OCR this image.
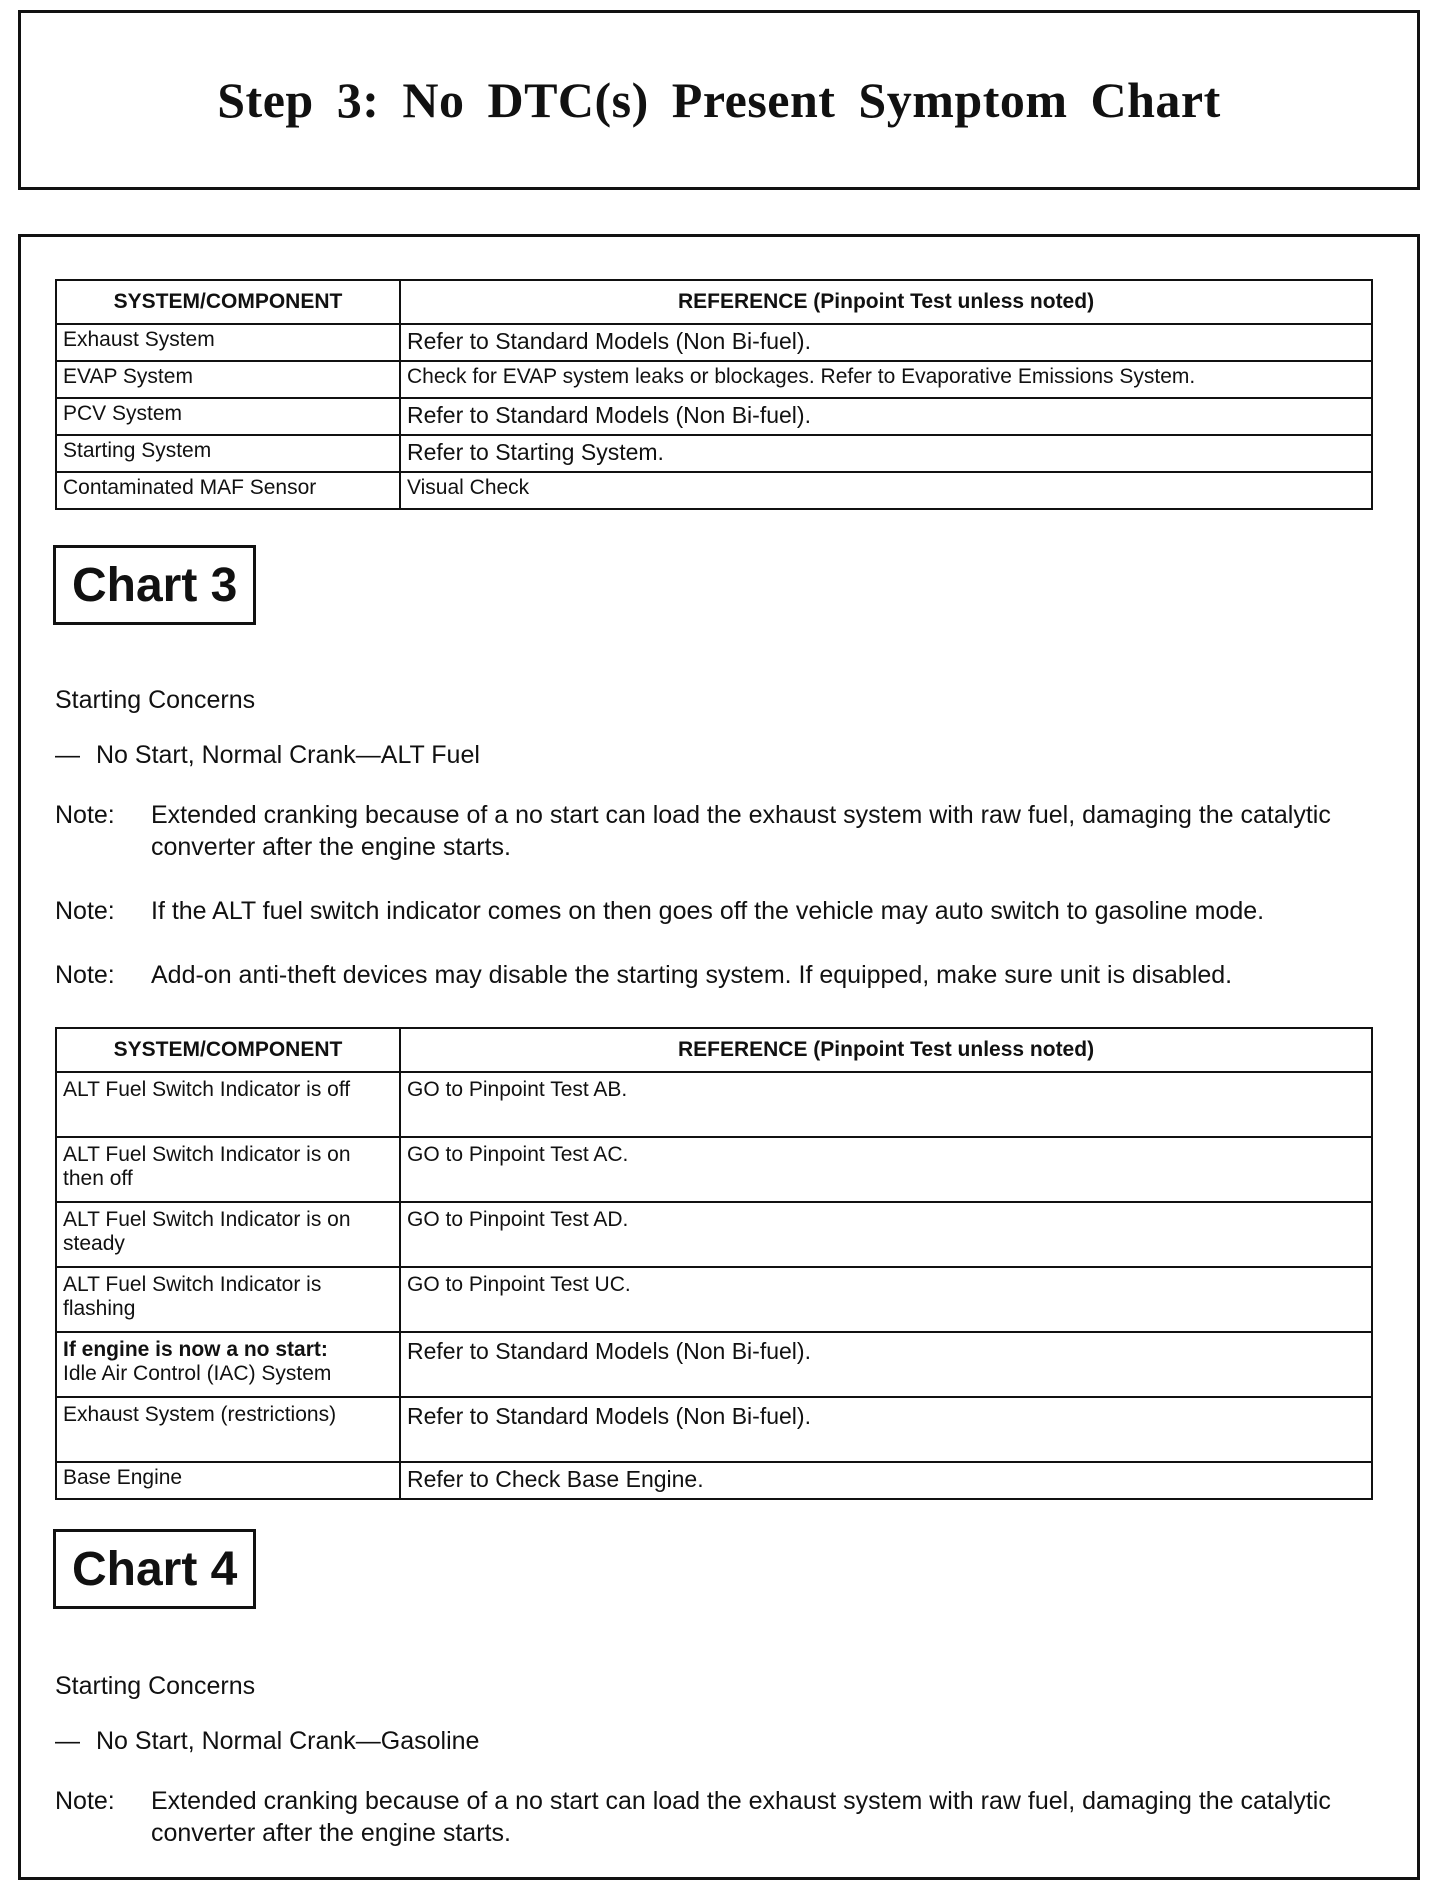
Step 3: No DTC(s) Present Symptom Chart
SYSTEM/COMPONENT	REFERENCE (Pinpoint Test unless noted)
Exhaust System	Refer to Standard Models (Non Bi-fuel).
EVAP System	Check for EVAP system leaks or blockages. Refer to Evaporative Emissions System.
PCV System	Refer to Standard Models (Non Bi-fuel).
Starting System	Refer to Starting System.
Contaminated MAF Sensor	Visual Check
Chart 3
Starting Concerns
— No Start, Normal Crank—ALT Fuel
Note:	Extended cranking because of a no start can load the exhaust system with raw fuel, damaging the catalytic converter after the engine starts.
Note:	If the ALT fuel switch indicator comes on then goes off the vehicle may auto switch to gasoline mode.
Note:	Add-on anti-theft devices may disable the starting system. If equipped, make sure unit is disabled.
SYSTEM/COMPONENT	REFERENCE (Pinpoint Test unless noted)
ALT Fuel Switch Indicator is off	GO to Pinpoint Test AB.
ALT Fuel Switch Indicator is on then off	GO to Pinpoint Test AC.
ALT Fuel Switch Indicator is on steady	GO to Pinpoint Test AD.
ALT Fuel Switch Indicator is flashing	GO to Pinpoint Test UC.
If engine is now a no start:
Idle Air Control (IAC) System	Refer to Standard Models (Non Bi-fuel).
Exhaust System (restrictions)	Refer to Standard Models (Non Bi-fuel).
Base Engine	Refer to Check Base Engine.
Chart 4
Starting Concerns
— No Start, Normal Crank—Gasoline
Note:	Extended cranking because of a no start can load the exhaust system with raw fuel, damaging the catalytic converter after the engine starts.
